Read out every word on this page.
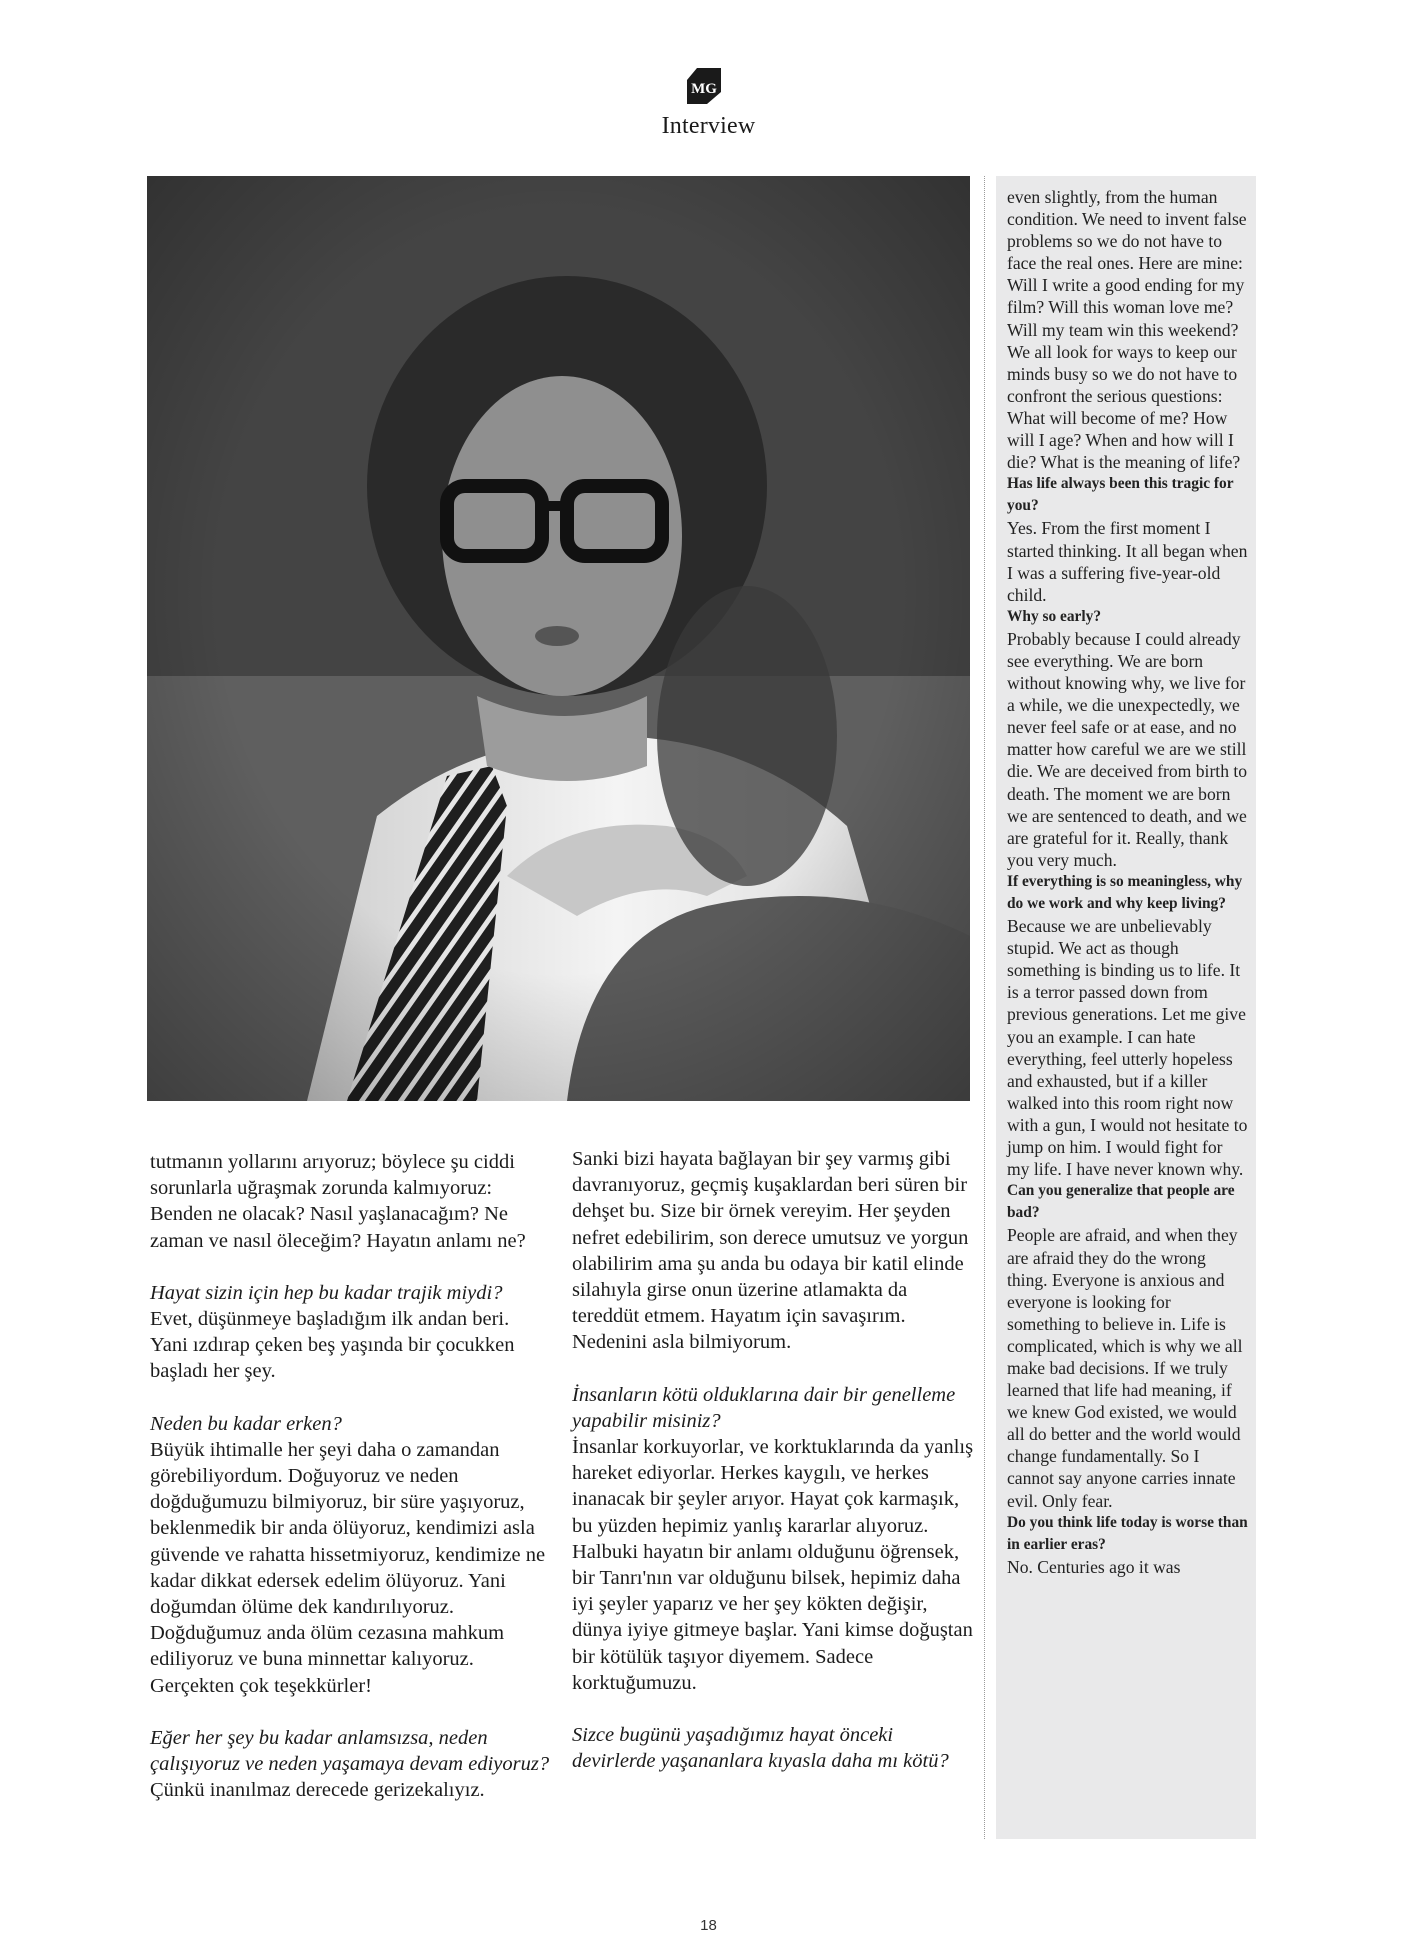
MG
Interview

tutmanın yollarını arıyoruz; böylece şu ciddi sorunlarla uğraşmak zorunda kalmıyoruz: Benden ne olacak? Nasıl yaşlanacağım? Ne zaman ve nasıl öleceğim? Hayatın anlamı ne?

Hayat sizin için hep bu kadar trajik miydi?
Evet, düşünmeye başladığım ilk andan beri. Yani ızdırap çeken beş yaşında bir çocukken başladı her şey.

Neden bu kadar erken?
Büyük ihtimalle her şeyi daha o zamandan görebiliyordum. Doğuyoruz ve neden doğduğumuzu bilmiyoruz, bir süre yaşıyoruz, beklenmedik bir anda ölüyoruz, kendimizi asla güvende ve rahatta hissetmiyoruz, kendimize ne kadar dikkat edersek edelim ölüyoruz. Yani doğumdan ölüme dek kandırılıyoruz. Doğduğumuz anda ölüm cezasına mahkum ediliyoruz ve buna minnettar kalıyoruz. Gerçekten çok teşekkürler!

Eğer her şey bu kadar anlamsızsa, neden çalışıyoruz ve neden yaşamaya devam ediyoruz?
Çünkü inanılmaz derecede gerizekalıyız.

Sanki bizi hayata bağlayan bir şey varmış gibi davranıyoruz, geçmiş kuşaklardan beri süren bir dehşet bu. Size bir örnek vereyim. Her şeyden nefret edebilirim, son derece umutsuz ve yorgun olabilirim ama şu anda bu odaya bir katil elinde silahıyla girse onun üzerine atlamakta da tereddüt etmem. Hayatım için savaşırım. Nedenini asla bilmiyorum.

İnsanların kötü olduklarına dair bir genelleme yapabilir misiniz?
İnsanlar korkuyorlar, ve korktuklarında da yanlış hareket ediyorlar. Herkes kaygılı, ve herkes inanacak bir şeyler arıyor. Hayat çok karmaşık, bu yüzden hepimiz yanlış kararlar alıyoruz. Halbuki hayatın bir anlamı olduğunu öğrensek, bir Tanrı'nın var olduğunu bilsek, hepimiz daha iyi şeyler yaparız ve her şey kökten değişir, dünya iyiye gitmeye başlar. Yani kimse doğuştan bir kötülük taşıyor diyemem. Sadece korktuğumuzu.

Sizce bugünü yaşadığımız hayat önceki devirlerde yaşananlara kıyasla daha mı kötü?

even slightly, from the human condition. We need to invent false problems so we do not have to face the real ones. Here are mine: Will I write a good ending for my film? Will this woman love me? Will my team win this weekend? We all look for ways to keep our minds busy so we do not have to confront the serious questions: What will become of me? How will I age? When and how will I die? What is the meaning of life?
Has life always been this tragic for you?
Yes. From the first moment I started thinking. It all began when I was a suffering five-year-old child.
Why so early?
Probably because I could already see everything. We are born without knowing why, we live for a while, we die unexpectedly, we never feel safe or at ease, and no matter how careful we are we still die. We are deceived from birth to death. The moment we are born we are sentenced to death, and we are grateful for it. Really, thank you very much.
If everything is so meaningless, why do we work and why keep living?
Because we are unbelievably stupid. We act as though something is binding us to life. It is a terror passed down from previous generations. Let me give you an example. I can hate everything, feel utterly hopeless and exhausted, but if a killer walked into this room right now with a gun, I would not hesitate to jump on him. I would fight for my life. I have never known why.
Can you generalize that people are bad?
People are afraid, and when they are afraid they do the wrong thing. Everyone is anxious and everyone is looking for something to believe in. Life is complicated, which is why we all make bad decisions. If we truly learned that life had meaning, if we knew God existed, we would all do better and the world would change fundamentally. So I cannot say anyone carries innate evil. Only fear.
Do you think life today is worse than in earlier eras?
No. Centuries ago it was
18
